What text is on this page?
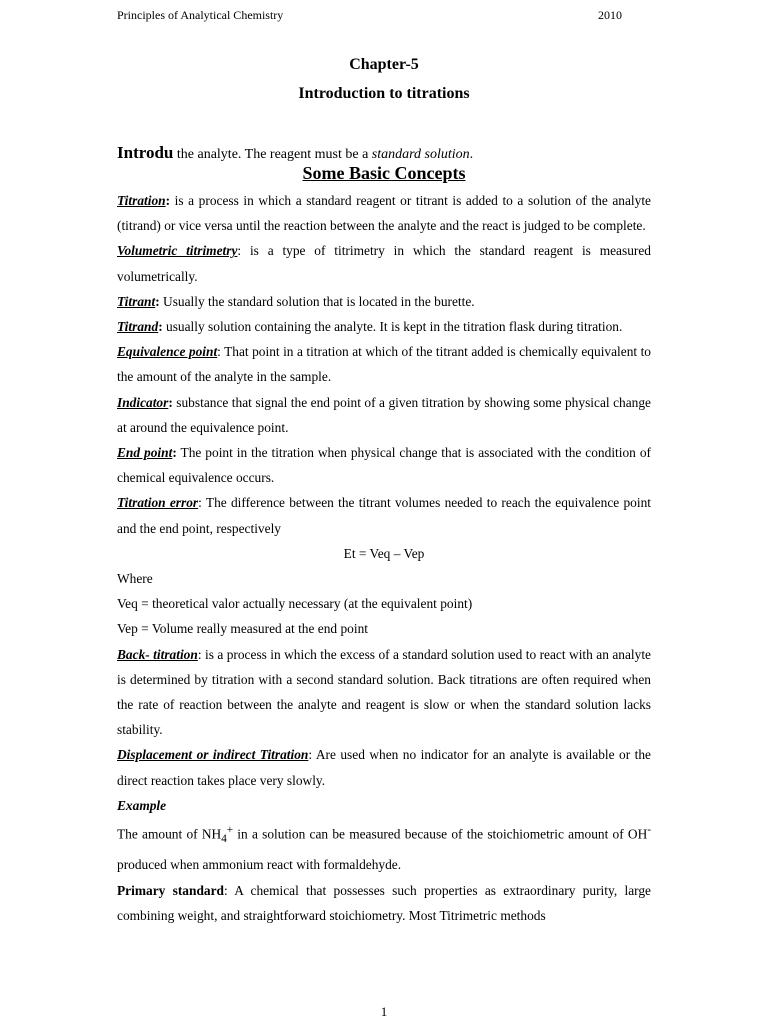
Principles of Analytical Chemistry	2010
Chapter-5
Introduction to titrations
Introdu the analyte. The reagent must be a standard solution.
Some Basic Concepts

Titration: is a process in which a standard reagent or titrant is added to a solution of the analyte (titrand) or vice versa until the reaction between the analyte and the react is judged to be complete.

Volumetric titrimetry: is a type of titrimetry in which the standard reagent is measured volumetrically.

Titrant: Usually the standard solution that is located in the burette.

Titrand: usually solution containing the analyte. It is kept in the titration flask during titration.

Equivalence point: That point in a titration at which of the titrant added is chemically equivalent to the amount of the analyte in the sample.

Indicator: substance that signal the end point of a given titration by showing some physical change at around the equivalence point.

End point: The point in the titration when physical change that is associated with the condition of chemical equivalence occurs.

Titration error: The difference between the titrant volumes needed to reach the equivalence point and the end point, respectively

Et = Veq – Vep

Where

Veq = theoretical valor actually necessary (at the equivalent point)

Vep = Volume really measured at the end point

Back- titration: is a process in which the excess of a standard solution used to react with an analyte is determined by titration with a second standard solution. Back titrations are often required when the rate of reaction between the analyte and reagent is slow or when the standard solution lacks stability.

Displacement or indirect Titration: Are used when no indicator for an analyte is available or the direct reaction takes place very slowly.

Example

The amount of $NH_4^+$ in a solution can be measured because of the stoichiometric amount of OH- produced when ammonium react with formaldehyde.

Primary standard: A chemical that possesses such properties as extraordinary purity, large combining weight, and straightforward stoichiometry. Most Titrimetric methods

1
